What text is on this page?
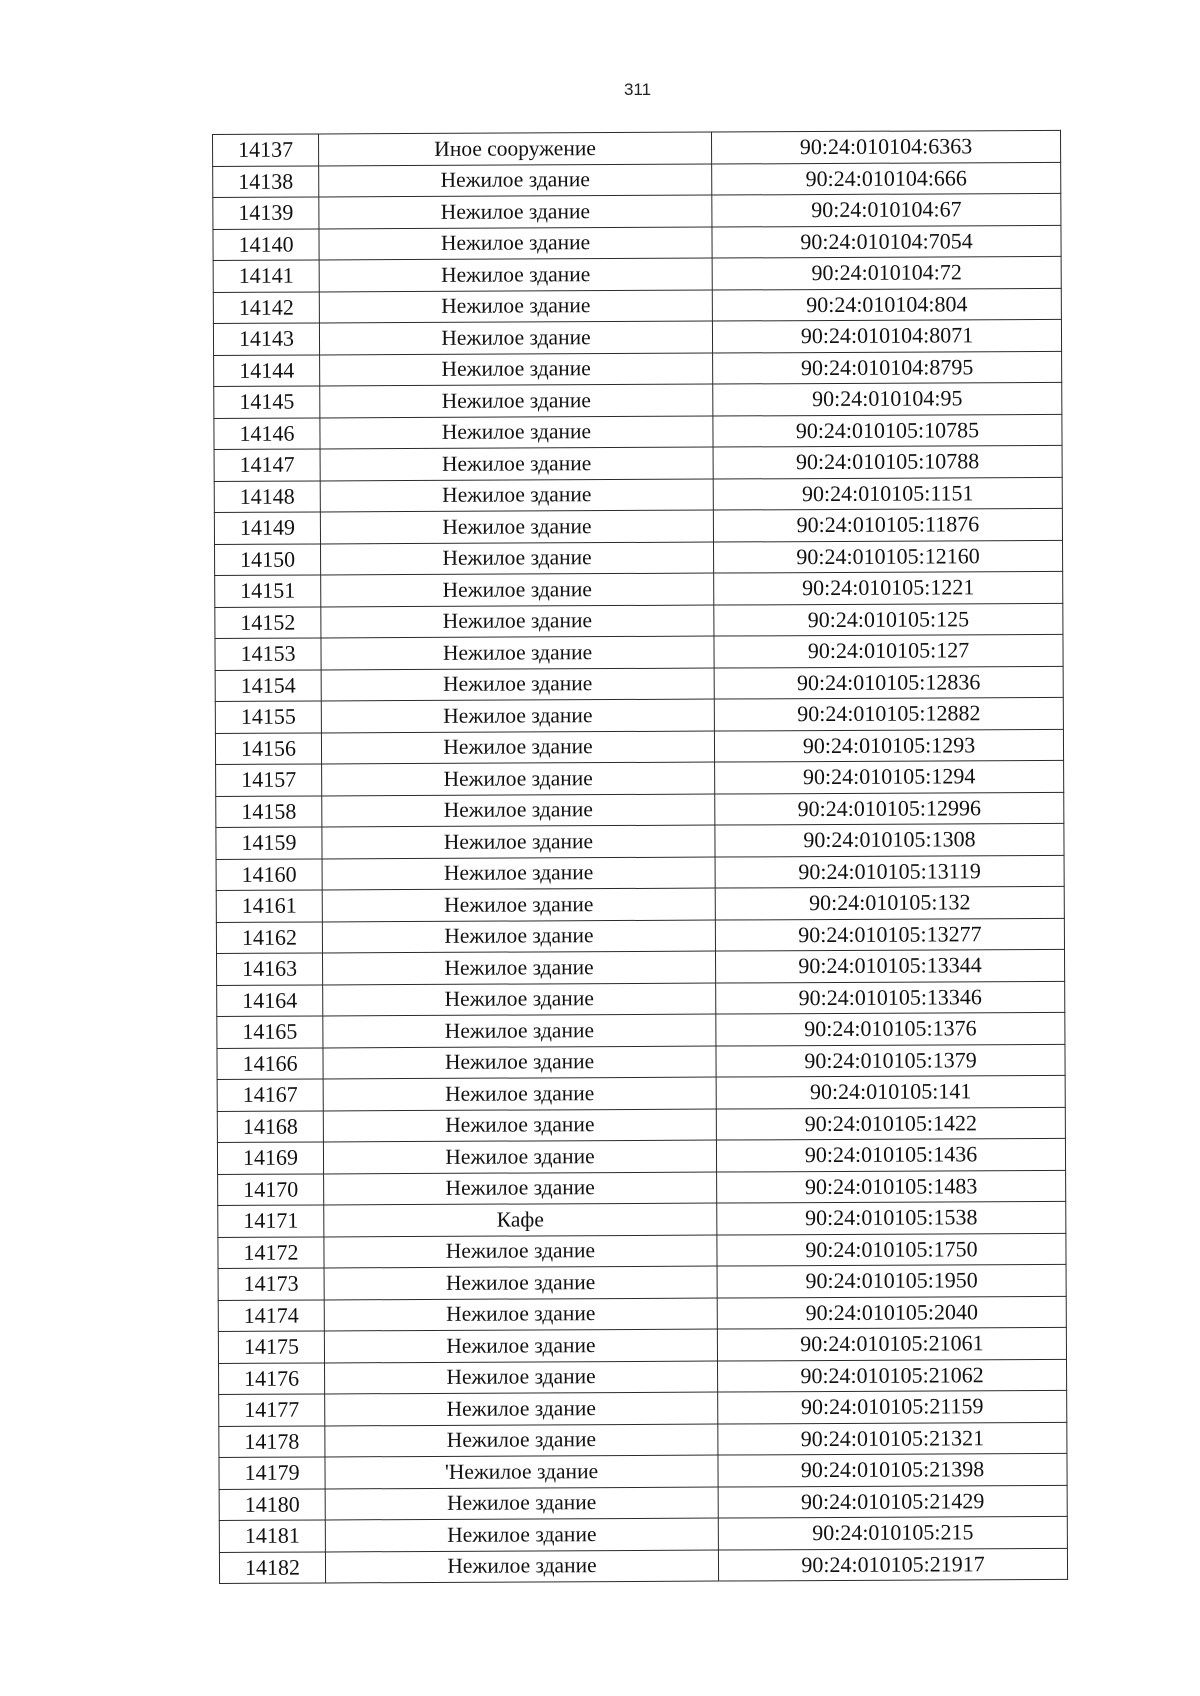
311
14137	Иное сооружение	90:24:010104:6363
14138	Нежилое здание	90:24:010104:666
14139	Нежилое здание	90:24:010104:67
14140	Нежилое здание	90:24:010104:7054
14141	Нежилое здание	90:24:010104:72
14142	Нежилое здание	90:24:010104:804
14143	Нежилое здание	90:24:010104:8071
14144	Нежилое здание	90:24:010104:8795
14145	Нежилое здание	90:24:010104:95
14146	Нежилое здание	90:24:010105:10785
14147	Нежилое здание	90:24:010105:10788
14148	Нежилое здание	90:24:010105:1151
14149	Нежилое здание	90:24:010105:11876
14150	Нежилое здание	90:24:010105:12160
14151	Нежилое здание	90:24:010105:1221
14152	Нежилое здание	90:24:010105:125
14153	Нежилое здание	90:24:010105:127
14154	Нежилое здание	90:24:010105:12836
14155	Нежилое здание	90:24:010105:12882
14156	Нежилое здание	90:24:010105:1293
14157	Нежилое здание	90:24:010105:1294
14158	Нежилое здание	90:24:010105:12996
14159	Нежилое здание	90:24:010105:1308
14160	Нежилое здание	90:24:010105:13119
14161	Нежилое здание	90:24:010105:132
14162	Нежилое здание	90:24:010105:13277
14163	Нежилое здание	90:24:010105:13344
14164	Нежилое здание	90:24:010105:13346
14165	Нежилое здание	90:24:010105:1376
14166	Нежилое здание	90:24:010105:1379
14167	Нежилое здание	90:24:010105:141
14168	Нежилое здание	90:24:010105:1422
14169	Нежилое здание	90:24:010105:1436
14170	Нежилое здание	90:24:010105:1483
14171	Кафе	90:24:010105:1538
14172	Нежилое здание	90:24:010105:1750
14173	Нежилое здание	90:24:010105:1950
14174	Нежилое здание	90:24:010105:2040
14175	Нежилое здание	90:24:010105:21061
14176	Нежилое здание	90:24:010105:21062
14177	Нежилое здание	90:24:010105:21159
14178	Нежилое здание	90:24:010105:21321
14179	'Нежилое здание	90:24:010105:21398
14180	Нежилое здание	90:24:010105:21429
14181	Нежилое здание	90:24:010105:215
14182	Нежилое здание	90:24:010105:21917
